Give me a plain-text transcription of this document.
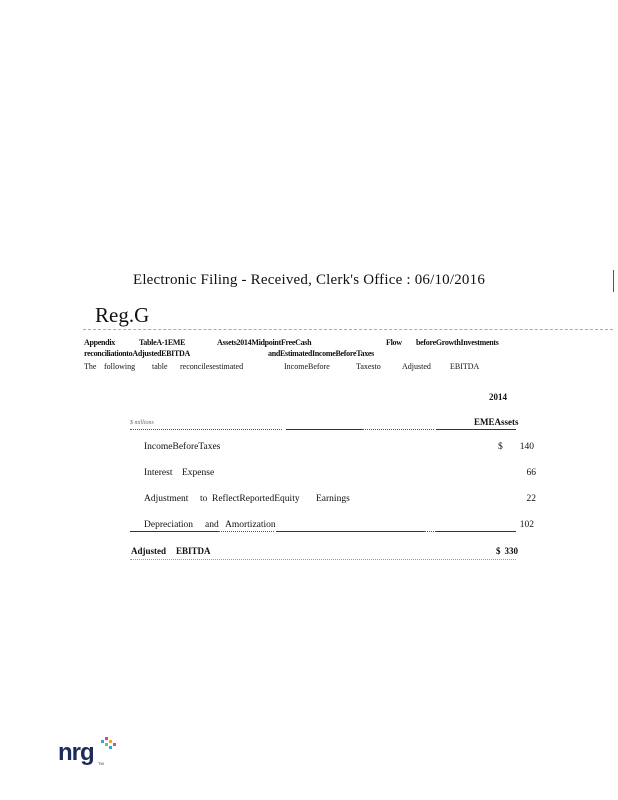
Electronic Filing - Received, Clerk's Office : 06/10/2016
Reg.G
Appendix	TableA-1EME	Assets2014MidpointFreeCash	Flow beforeGrowthInvestments
reconciliationtoAdjustedEBITDA	andEstimatedIncomeBeforeTaxes
The following table reconcilesestimated	IncomeBefore	Taxesto	Adjusted EBITDA
2014
$ millions	EMEAssets
IncomeBeforeTaxes	$	140
Interest Expense	66
Adjustment to ReflectReportedEquity Earnings	22
Depreciation and Amortization	102
Adjusted EBITDA	$ 330
nrg TM
